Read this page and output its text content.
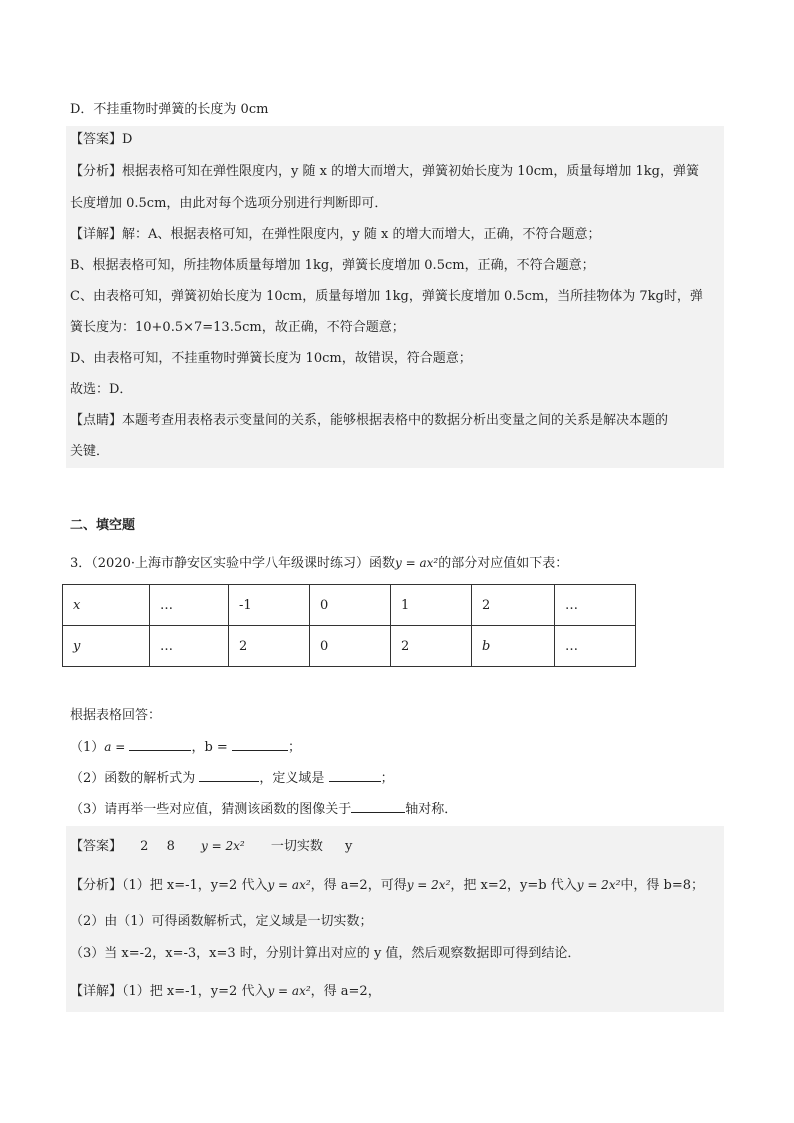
D．不挂重物时弹簧的长度为 0cm
【答案】D
【分析】根据表格可知在弹性限度内，y 随 x 的增大而增大，弹簧初始长度为 10cm，质量每增加 1kg，弹簧
长度增加 0.5cm，由此对每个选项分别进行判断即可．
【详解】解：A、根据表格可知，在弹性限度内，y 随 x 的增大而增大，正确，不符合题意；
B、根据表格可知，所挂物体质量每增加 1kg，弹簧长度增加 0.5cm，正确，不符合题意；
C、由表格可知，弹簧初始长度为 10cm，质量每增加 1kg，弹簧长度增加 0.5cm，当所挂物体为 7kg时，弹
簧长度为：10+0.5×7=13.5cm，故正确，不符合题意；
D、由表格可知，不挂重物时弹簧长度为 10cm，故错误，符合题意；
故选：D．
【点睛】本题考查用表格表示变量间的关系，能够根据表格中的数据分析出变量之间的关系是解决本题的
关键．
二、填空题
3．（2020·上海市静安区实验中学八年级课时练习）函数y = ax²的部分对应值如下表：
x	…	-1	0	1	2	…
y	…	2	0	2	b	…
根据表格回答：
（1）a =	，b =	；
（2）函数的解析式为	，定义域是	；
（3）请再举一些对应值，猜测该函数的图像关于	轴对称．
【答案】 2 8 y = 2x² 一切实数 y
【分析】（1）把 x=-1，y=2 代入y = ax²，得 a=2，可得y = 2x²，把 x=2，y=b 代入y = 2x²中，得 b=8；
（2）由（1）可得函数解析式，定义域是一切实数；
（3）当 x=-2，x=-3，x=3 时，分别计算出对应的 y 值，然后观察数据即可得到结论．
【详解】（1）把 x=-1，y=2 代入y = ax²，得 a=2，
